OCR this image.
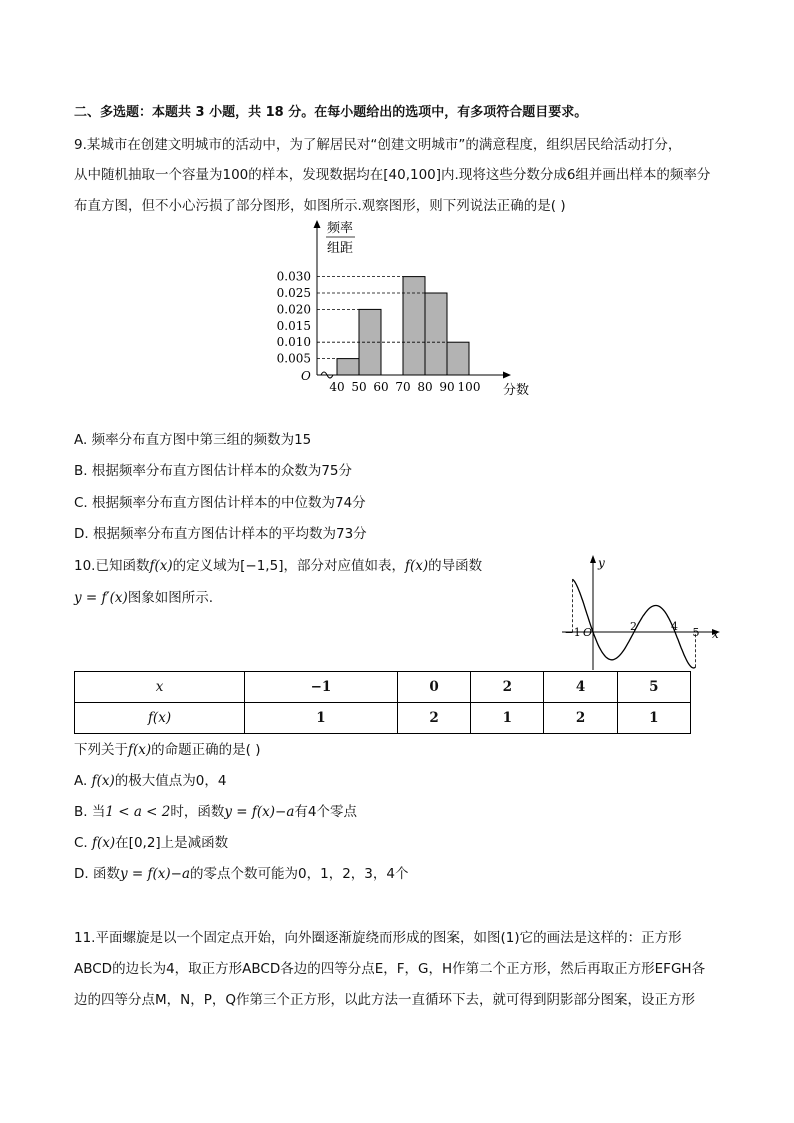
二、多选题：本题共 3 小题，共 18 分。在每小题给出的选项中，有多项符合题目要求。
9.某城市在创建文明城市的活动中，为了解居民对“创建文明城市”的满意程度，组织居民给活动打分，
从中随机抽取一个容量为100的样本，发现数据均在[40,100]内.现将这些分数分成6组并画出样本的频率分
布直方图，但不小心污损了部分图形，如图所示.观察图形，则下列说法正确的是( )
频率
组距
O
0.005
0.010
0.015
0.020
0.025
0.030
40 50 60 70 80 90 100 分数
A. 频率分布直方图中第三组的频数为15
B. 根据频率分布直方图估计样本的众数为75分
C. 根据频率分布直方图估计样本的中位数为74分
D. 根据频率分布直方图估计样本的平均数为73分
10.已知函数f(x)的定义域为[−1,5]，部分对应值如表，f(x)的导函数
y = f′(x)图象如图所示.
x
y
−1 O	2	4 5
x	−1	0	2	4	5
f(x)	1	2	1	2	1
下列关于f(x)的命题正确的是( )
A. f(x)的极大值点为0，4
B. 当1 < a < 2时，函数y = f(x)−a有4个零点
C. f(x)在[0,2]上是减函数
D. 函数y = f(x)−a的零点个数可能为0，1，2，3，4个
11.平面螺旋是以一个固定点开始，向外圈逐渐旋绕而形成的图案，如图(1)它的画法是这样的：正方形
ABCD的边长为4，取正方形ABCD各边的四等分点E，F，G，H作第二个正方形，然后再取正方形EFGH各
边的四等分点M，N，P，Q作第三个正方形，以此方法一直循环下去，就可得到阴影部分图案，设正方形
